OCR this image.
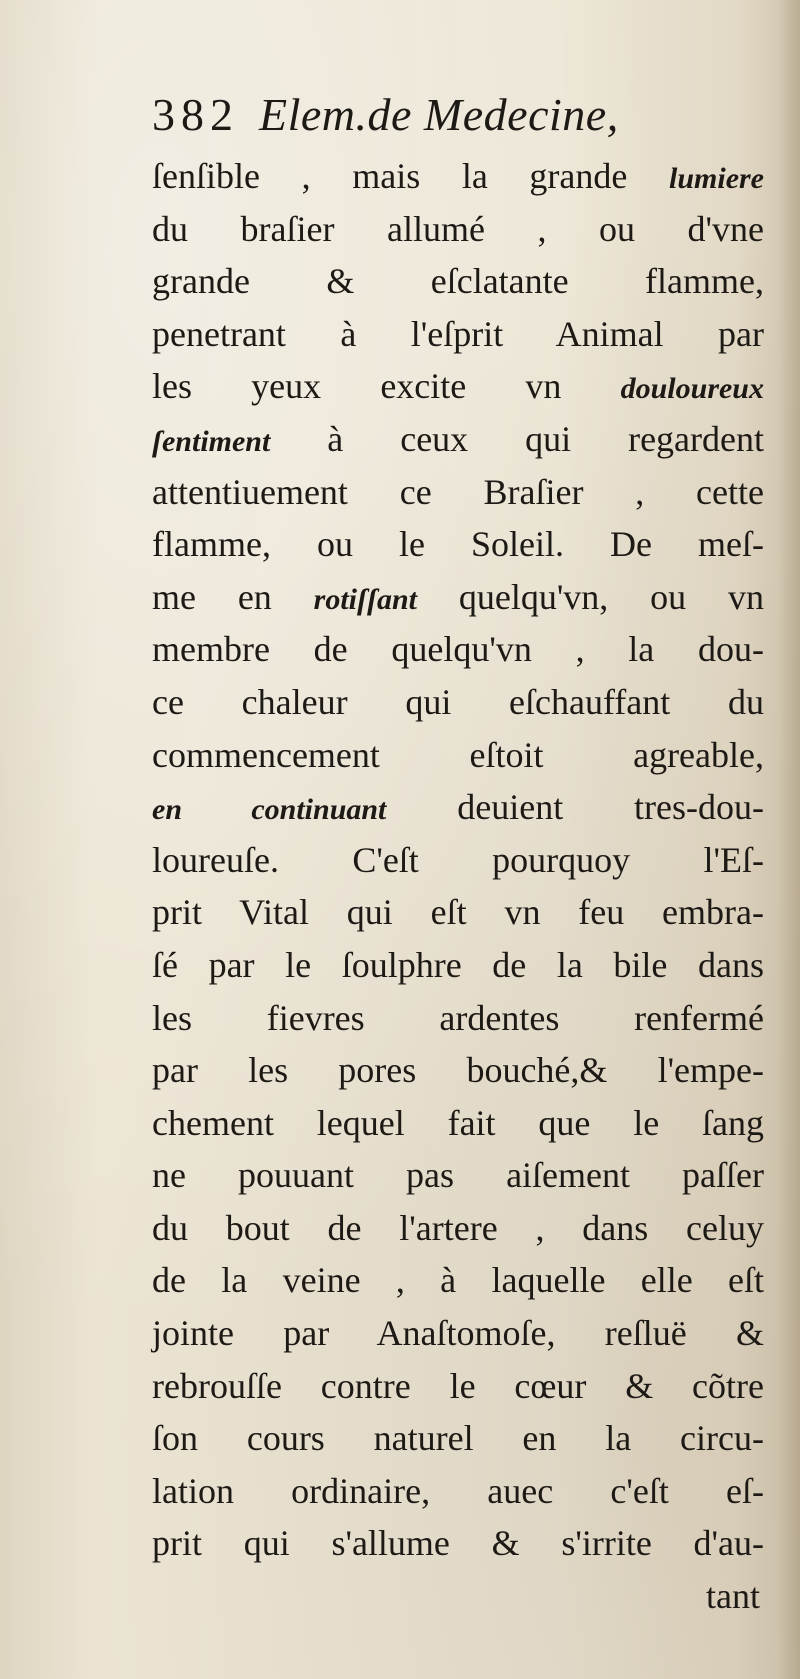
382 Elem.de Medecine,
ſenſible , mais la grande lumiere
du braſier allumé , ou d'vne
grande & eſclatante flamme,
penetrant à l'eſprit Animal par
les yeux excite vn douloureux
ſentiment à ceux qui regardent
attentiuement ce Braſier , cette
flamme, ou le Soleil. De meſ-
me en rotiſſant quelqu'vn, ou vn
membre de quelqu'vn , la dou-
ce chaleur qui eſchauffant du
commencement eſtoit agreable,
en continuant deuient tres-dou-
loureuſe. C'eſt pourquoy l'Eſ-
prit Vital qui eſt vn feu embra-
ſé par le ſoulphre de la bile dans
les fievres ardentes renfermé
par les pores bouché,& l'empe-
chement lequel fait que le ſang
ne pouuant pas aiſement paſſer
du bout de l'artere , dans celuy
de la veine , à laquelle elle eſt
jointe par Anaſtomoſe, reſluë &
rebrouſſe contre le cœur & cõtre
ſon cours naturel en la circu-
lation ordinaire, auec c'eſt eſ-
prit qui s'allume & s'irrite d'au-
tant
